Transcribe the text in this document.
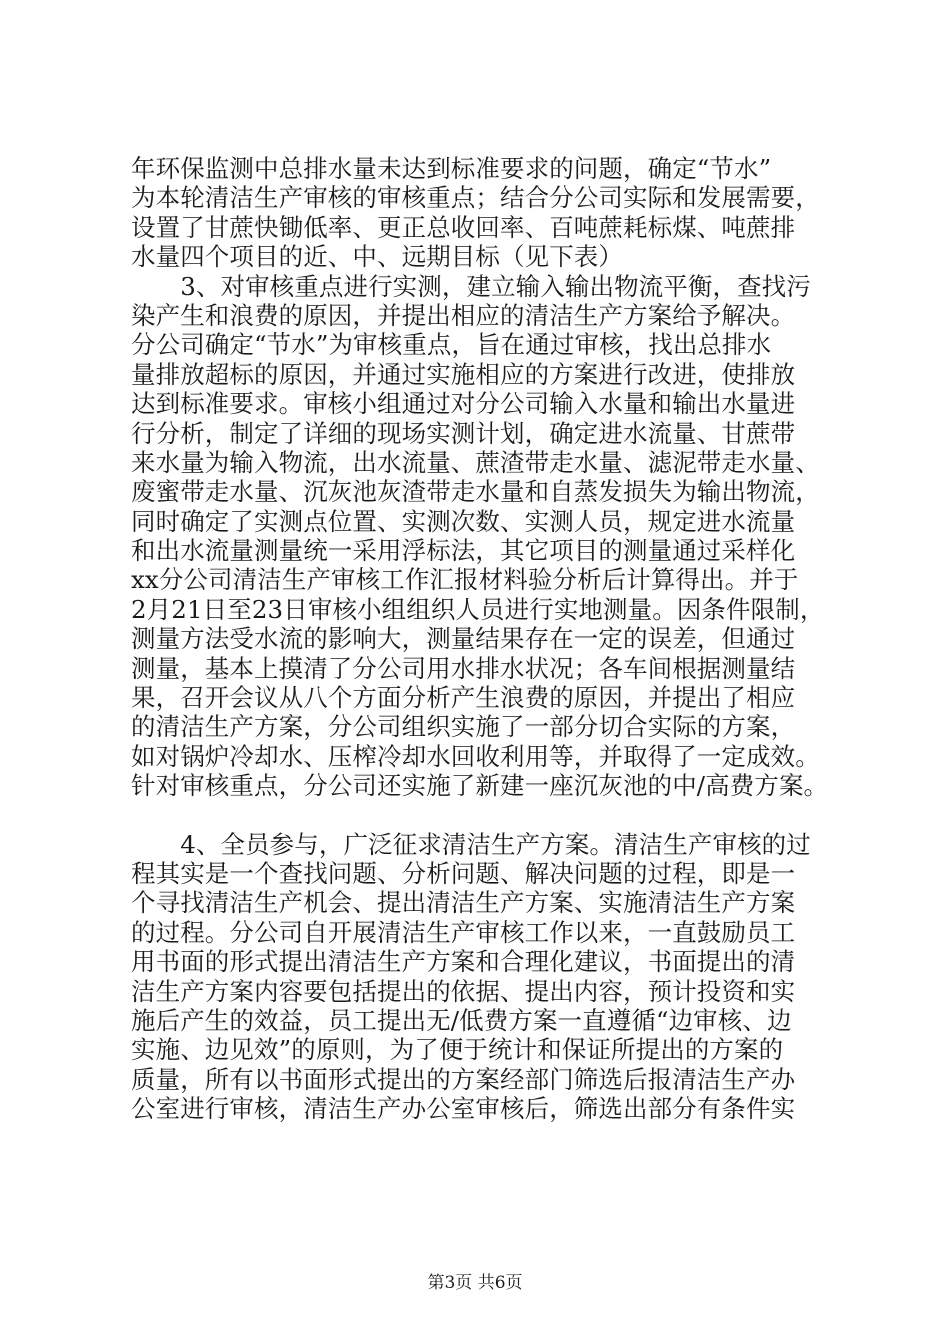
年环保监测中总排水量未达到标准要求的问题，确定“节水”
为本轮清洁生产审核的审核重点；结合分公司实际和发展需要，
设置了甘蔗快锄低率、更正总收回率、百吨蔗耗标煤、吨蔗排
水量四个项目的近、中、远期目标（见下表）
　　3、对审核重点进行实测，建立输入输出物流平衡，查找污
染产生和浪费的原因，并提出相应的清洁生产方案给予解决。
分公司确定“节水”为审核重点，旨在通过审核，找出总排水
量排放超标的原因，并通过实施相应的方案进行改进，使排放
达到标准要求。审核小组通过对分公司输入水量和输出水量进
行分析，制定了详细的现场实测计划，确定进水流量、甘蔗带
来水量为输入物流，出水流量、蔗渣带走水量、滤泥带走水量、
废蜜带走水量、沉灰池灰渣带走水量和自蒸发损失为输出物流，
同时确定了实测点位置、实测次数、实测人员，规定进水流量
和出水流量测量统一采用浮标法，其它项目的测量通过采样化
xx分公司清洁生产审核工作汇报材料验分析后计算得出。并于
2月21日至23日审核小组组织人员进行实地测量。因条件限制，
测量方法受水流的影响大，测量结果存在一定的误差，但通过
测量，基本上摸清了分公司用水排水状况；各车间根据测量结
果，召开会议从八个方面分析产生浪费的原因，并提出了相应
的清洁生产方案，分公司组织实施了一部分切合实际的方案，
如对锅炉冷却水、压榨冷却水回收利用等，并取得了一定成效。
针对审核重点，分公司还实施了新建一座沉灰池的中/高费方案。
　　4、全员参与，广泛征求清洁生产方案。清洁生产审核的过
程其实是一个查找问题、分析问题、解决问题的过程，即是一
个寻找清洁生产机会、提出清洁生产方案、实施清洁生产方案
的过程。分公司自开展清洁生产审核工作以来，一直鼓励员工
用书面的形式提出清洁生产方案和合理化建议，书面提出的清
洁生产方案内容要包括提出的依据、提出内容，预计投资和实
施后产生的效益，员工提出无/低费方案一直遵循“边审核、边
实施、边见效”的原则，为了便于统计和保证所提出的方案的
质量，所有以书面形式提出的方案经部门筛选后报清洁生产办
公室进行审核，清洁生产办公室审核后，筛选出部分有条件实
第3页 共6页
